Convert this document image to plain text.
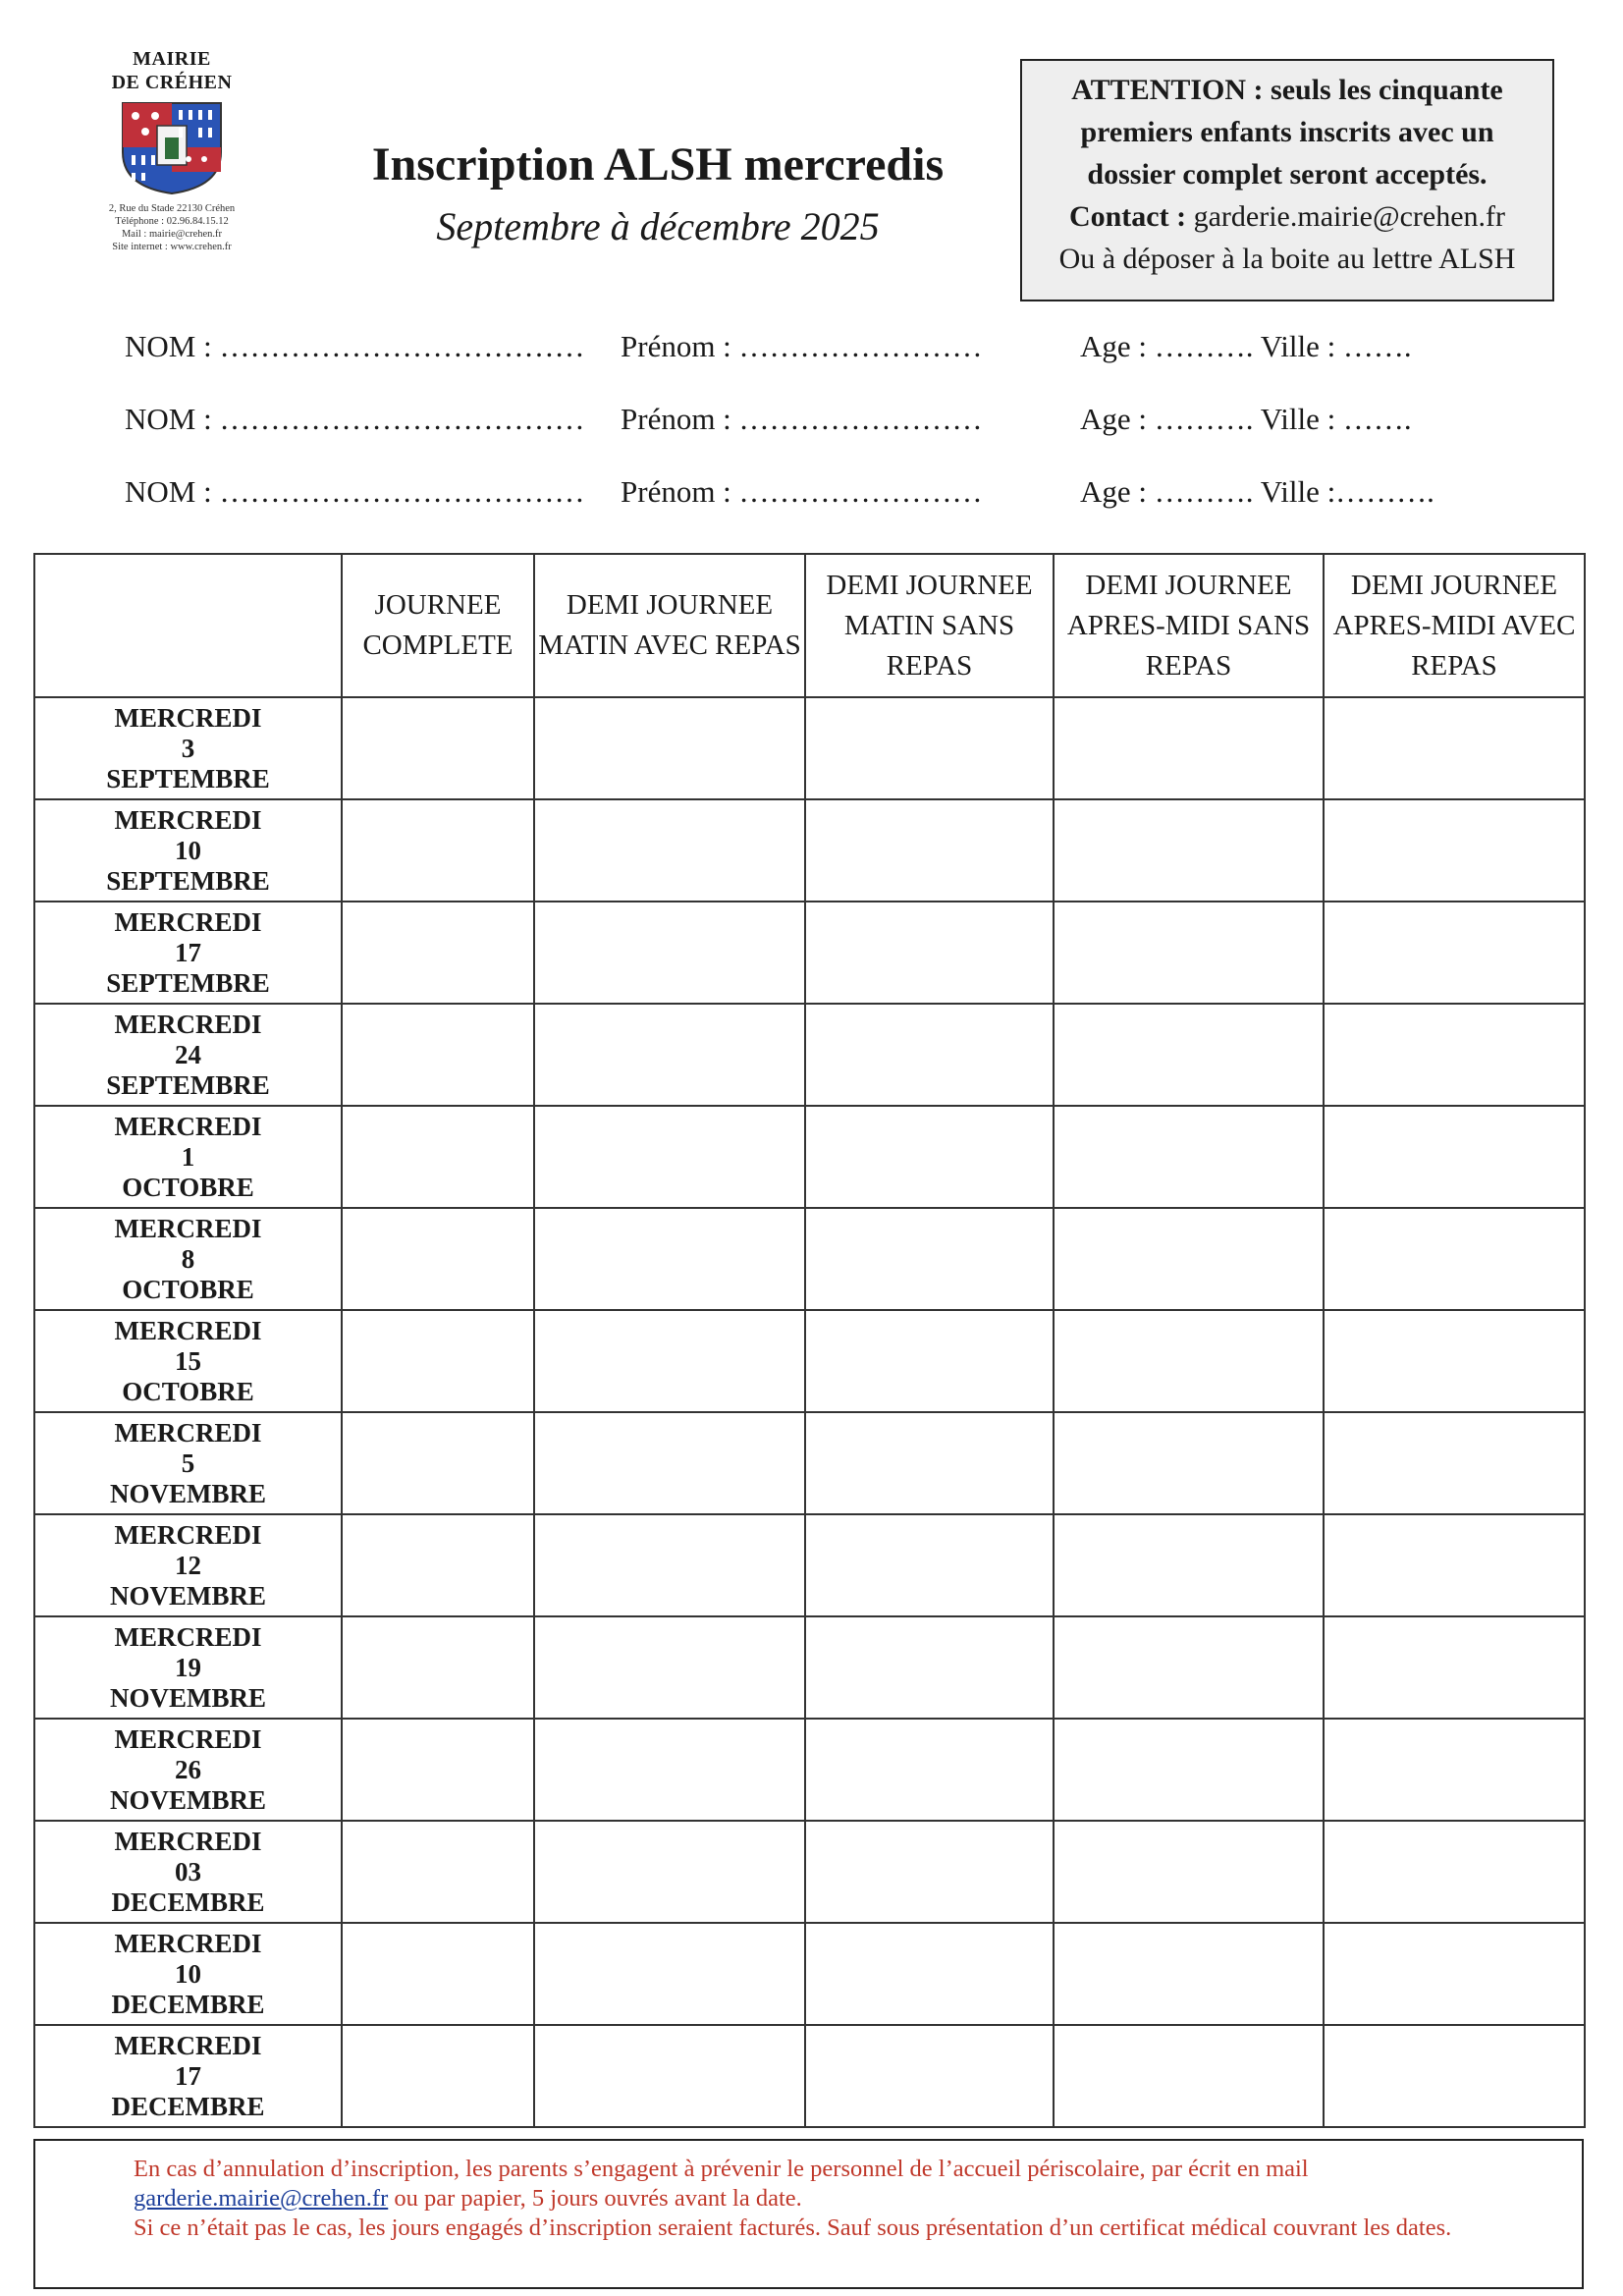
MAIRIE
DE CRÉHEN
2, Rue du Stade 22130 Créhen
Téléphone : 02.96.84.15.12
Mail : mairie@crehen.fr
Site internet : www.crehen.fr
Inscription ALSH mercredis
Septembre à décembre 2025

ATTENTION : seuls les cinquante

premiers enfants inscrits avec un

dossier complet seront acceptés.

Contact : garderie.mairie@crehen.fr

Ou à déposer à la boite au lettre ALSH

NOM : ……………………………… Prénom : ……………………	Age : ………. Ville : …….
NOM : ……………………………… Prénom : ……………………	Age : ………. Ville : …….
NOM : ……………………………… Prénom : ……………………	Age : ………. Ville :……….
	JOURNEE COMPLETE	DEMI JOURNEE MATIN AVEC REPAS	DEMI JOURNEE MATIN SANS REPAS	DEMI JOURNEE APRES-MIDI SANS REPAS	DEMI JOURNEE APRES-MIDI AVEC REPAS

MERCREDI
3
SEPTEMBRE					

MERCREDI
10
SEPTEMBRE					

MERCREDI
17
SEPTEMBRE					

MERCREDI
24
SEPTEMBRE					

MERCREDI
1
OCTOBRE					

MERCREDI
8
OCTOBRE					

MERCREDI
15
OCTOBRE					

MERCREDI
5
NOVEMBRE					

MERCREDI
12
NOVEMBRE					

MERCREDI
19
NOVEMBRE					

MERCREDI
26
NOVEMBRE					

MERCREDI
03
DECEMBRE					

MERCREDI
10
DECEMBRE					

MERCREDI
17
DECEMBRE					

En cas d’annulation d’inscription, les parents s’engagent à prévenir le personnel de l’accueil périscolaire, par écrit en mail

garderie.mairie@crehen.fr ou par papier, 5 jours ouvrés avant la date.

Si ce n’était pas le cas, les jours engagés d’inscription seraient facturés. Sauf sous présentation d’un certificat médical couvrant les dates.
